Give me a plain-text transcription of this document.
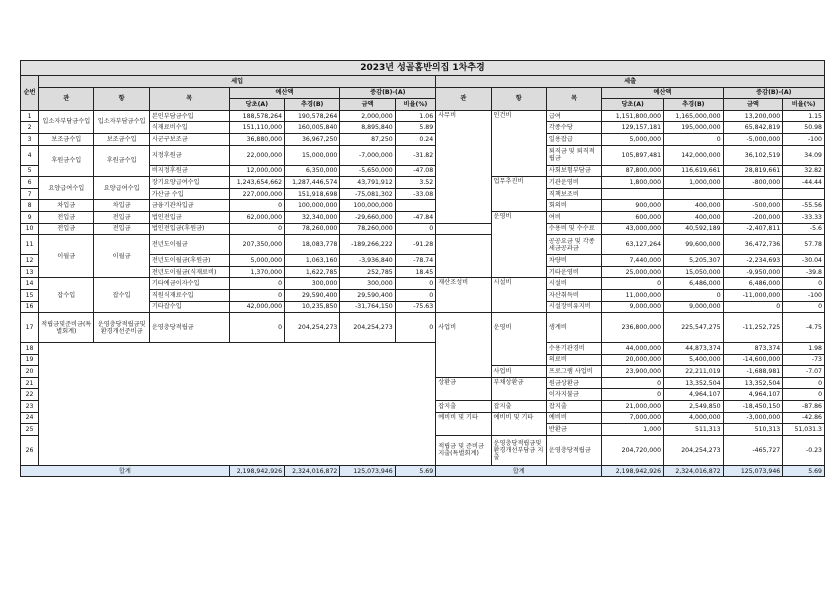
2023년 성골홈반의집 1차추경														
순번	세입							세출						
	관	항	목	예산액		증감(B)-(A)		관	항	목	예산액		증감(B)-(A)	
				당초(A)	추경(B)	금액	비율(%)				당초(A)	추경(B)	금액	비율(%)
1	입소자부담금수입	입소자부담금수입	본인부담금수입	188,578,264	190,578,264	2,000,000	1.06	사무비	인건비	급여	1,151,800,000	1,165,000,000	13,200,000	1.15
2			식재료비수입	151,110,000	160,005,840	8,895,840	5.89			각종수당	129,157,181	195,000,000	65,842,819	50.98
3	보조금수입	보조금수입	시군구보조금	36,880,000	36,967,250	87,250	0.24			일용잡급	5,000,000	0	-5,000,000	-100
4	후원금수입	후원금수입	지정후원금	22,000,000	15,000,000	-7,000,000	-31.82			퇴직금 및 퇴직적립금	105,897,481	142,000,000	36,102,519	34.09
5			비지정후원금	12,000,000	6,350,000	-5,650,000	-47.08			사회보험부담금	87,800,000	116,619,661	28,819,661	32.82
6	요양급여수입	요양급여수입	장기요양급여수입	1,243,654,662	1,287,446,574	43,791,912	3.52		업무추진비	기관운영비	1,800,000	1,000,000	-800,000	-44.44
7			가산금 수입	227,000,000	151,918,698	-75,081,302	-33.08			직책보조비				
8	차입금	차입금	금융기관차입금	0	100,000,000	100,000,000				회의비	900,000	400,000	-500,000	-55.56
9	전입금	전입금	법인전입금	62,000,000	32,340,000	-29,660,000	-47.84		운영비	여비	600,000	400,000	-200,000	-33.33
10	전입금	전입금	법인전입금(후원금)	0	78,260,000	78,260,000	0			수용비 및 수수료	43,000,000	40,592,189	-2,407,811	-5.6
11	이월금	이월금	전년도이월금	207,350,000	18,083,778	-189,266,222	-91.28			공공요금 및 각종세금공과금	63,127,264	99,600,000	36,472,736	57.78
12			전년도이월금(후원금)	5,000,000	1,063,160	-3,936,840	-78.74			차량비	7,440,000	5,205,307	-2,234,693	-30.04
13			전년도이월금(식재료비)	1,370,000	1,622,785	252,785	18.45			기타운영비	25,000,000	15,050,000	-9,950,000	-39.8
14	잡수입	잡수입	기타예금이자수입	0	300,000	300,000	0	재산조성비	시설비	시설비	0	6,486,000	6,486,000	0
15			직원식재료수입	0	29,590,400	29,590,400	0			자산취득비	11,000,000	0	-11,000,000	-100
16			기타잡수입	42,000,000	10,235,850	-31,764,150	-75.63			시설장비유지비	9,000,000	9,000,000	0	0
17	적립금및준비금(특별회계)	운영충당적립금및환경개선준비금	운영충당적립금	0	204,254,273	204,254,273	0	사업비	운영비	생계비	236,800,000	225,547,275	-11,252,725	-4.75
18										수용기관경비	44,000,000	44,873,374	873,374	1.98
19										의료비	20,000,000	5,400,000	-14,600,000	-73
20									사업비	프로그램 사업비	23,900,000	22,211,019	-1,688,981	-7.07
21								상환금	부채상환금	원금상환금	0	13,352,504	13,352,504	0
22										이자지불금	0	4,964,107	4,964,107	0
23								잡지출	잡지출	잡지출	21,000,000	2,549,850	-18,450,150	-87.86
24								예비비 및 기타	예비비 및 기타	예비비	7,000,000	4,000,000	-3,000,000	-42.86
25										반환금	1,000	511,313	510,313	51,031.3
26								적립금 및 준비금지출(특별회계)	운영충당적립금및 환경개선부담금 지출	운영충당적립금	204,720,000	204,254,273	-465,727	-0.23
합계				2,198,942,926	2,324,016,872	125,073,946	5.69	합계			2,198,942,926	2,324,016,872	125,073,946	5.69
